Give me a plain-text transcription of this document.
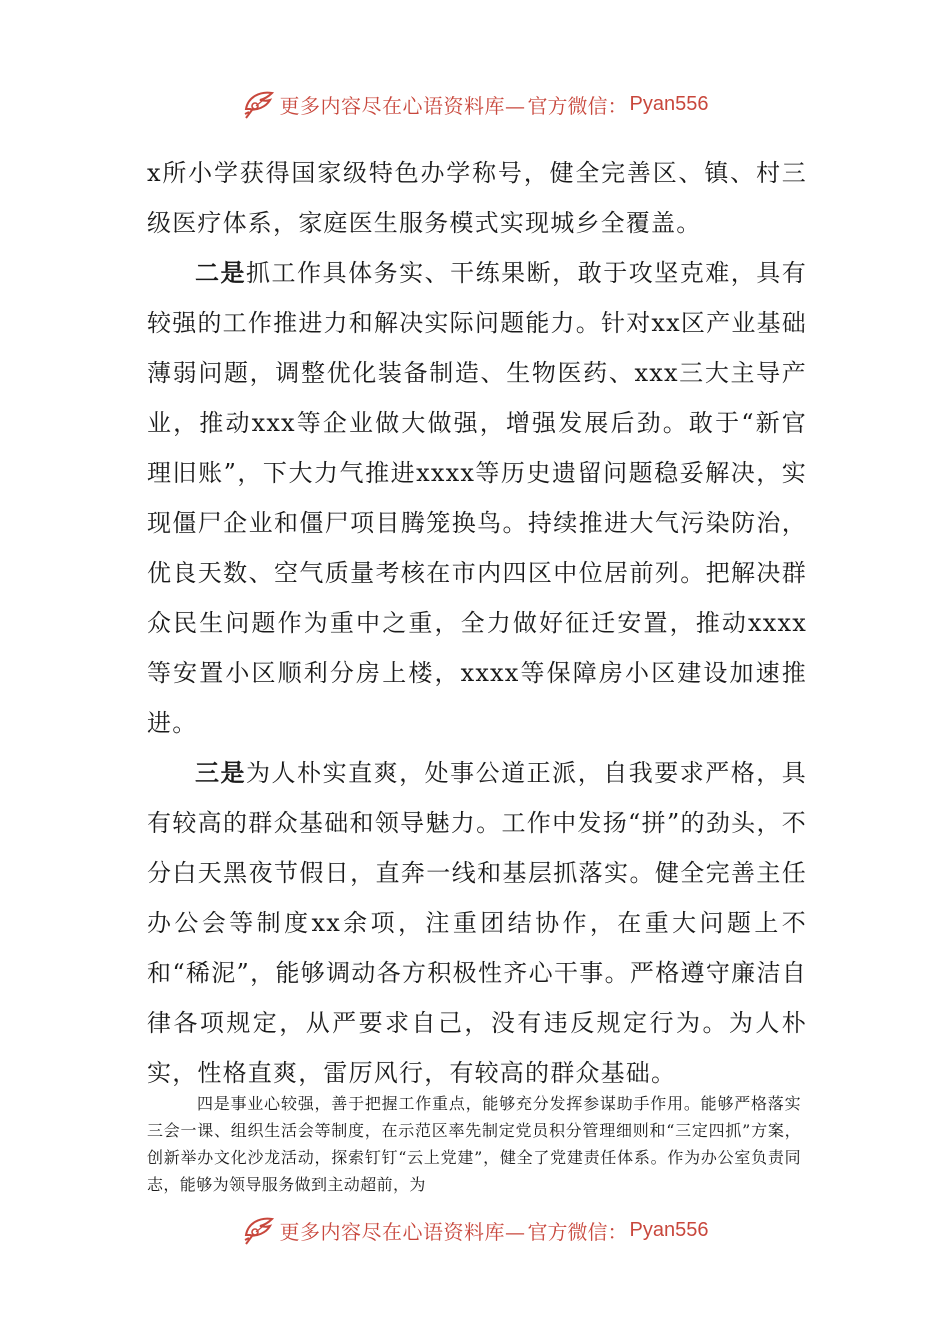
更多内容尽在心语资料库— 官方微信： Pyan556

x所小学获得国家级特色办学称号，健全完善区、镇、村三级医疗体系，家庭医生服务模式实现城乡全覆盖。

二是抓工作具体务实、干练果断，敢于攻坚克难，具有较强的工作推进力和解决实际问题能力。针对xx区产业基础薄弱问题，调整优化装备制造、生物医药、xxx三大主导产业，推动xxx等企业做大做强，增强发展后劲。敢于“新官理旧账”，下大力气推进xxxx等历史遗留问题稳妥解决，实现僵尸企业和僵尸项目腾笼换鸟。持续推进大气污染防治，优良天数、空气质量考核在市内四区中位居前列。把解决群众民生问题作为重中之重，全力做好征迁安置，推动xxxx等安置小区顺利分房上楼，xxxx等保障房小区建设加速推进。

三是为人朴实直爽，处事公道正派，自我要求严格，具有较高的群众基础和领导魅力。工作中发扬“拼”的劲头，不分白天黑夜节假日，直奔一线和基层抓落实。健全完善主任办公会等制度xx余项，注重团结协作，在重大问题上不和“稀泥”，能够调动各方积极性齐心干事。严格遵守廉洁自律各项规定，从严要求自己，没有违反规定行为。为人朴实，性格直爽，雷厉风行，有较高的群众基础。

四是事业心较强，善于把握工作重点，能够充分发挥参谋助手作用。能够严格落实三会一课、组织生活会等制度，在示范区率先制定党员积分管理细则和“三定四抓”方案，创新举办文化沙龙活动，探索钉钉“云上党建”，健全了党建责任体系。作为办公室负责同志，能够为领导服务做到主动超前，为

更多内容尽在心语资料库— 官方微信： Pyan556
